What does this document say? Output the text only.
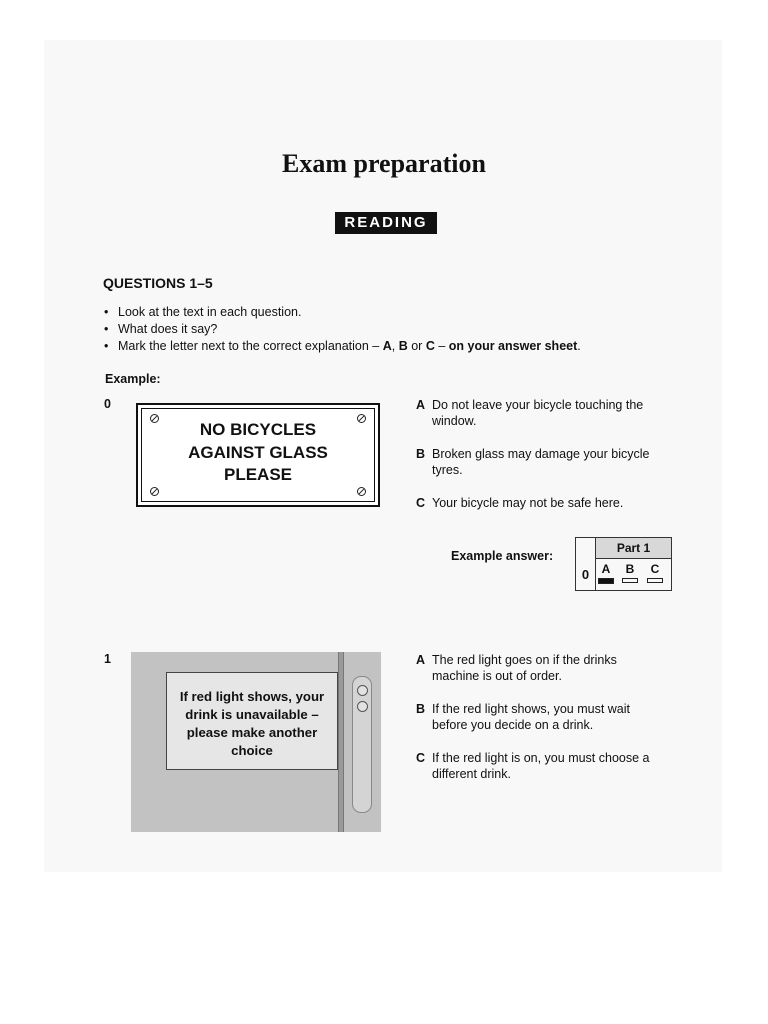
Exam preparation
READING
QUESTIONS 1–5
• Look at the text in each question.
• What does it say?
• Mark the letter next to the correct explanation – A, B or C – on your answer sheet.
Example:
0
NO BICYCLES
AGAINST GLASS
PLEASE
A Do not leave your bicycle touching the
window.
B Broken glass may damage your bicycle
tyres.
C Your bicycle may not be safe here.
Example answer:
Part 1
0	A	B	C
1
If red light shows, your
drink is unavailable –
please make another
choice
A The red light goes on if the drinks
machine is out of order.
B If the red light shows, you must wait
before you decide on a drink.
C If the red light is on, you must choose a
different drink.
